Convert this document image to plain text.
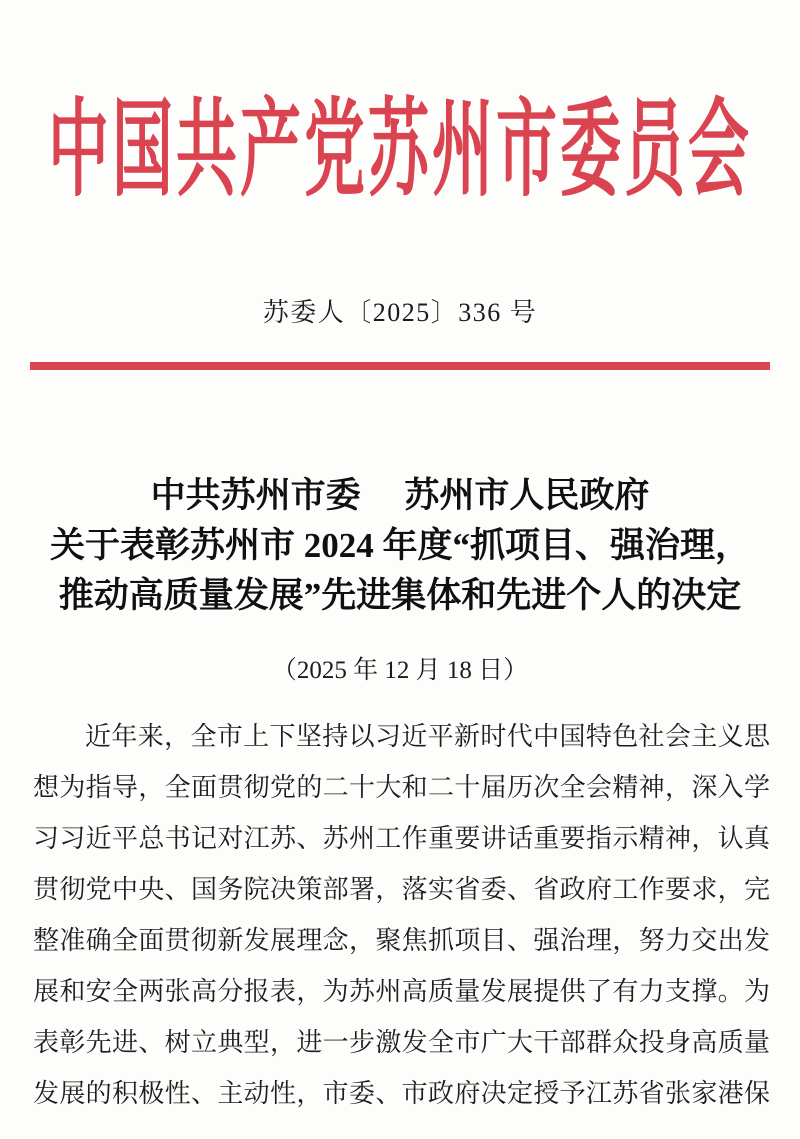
中国共产党苏州市委员会
苏委人〔2025〕336 号
中共苏州市委　 苏州市人民政府
关于表彰苏州市 2024 年度“抓项目、强治理，
推动高质量发展”先进集体和先进个人的决定
（2025 年 12 月 18 日）
近年来，全市上下坚持以习近平新时代中国特色社会主义思
想为指导，全面贯彻党的二十大和二十届历次全会精神，深入学
习习近平总书记对江苏、苏州工作重要讲话重要指示精神，认真
贯彻党中央、国务院决策部署，落实省委、省政府工作要求，完
整准确全面贯彻新发展理念，聚焦抓项目、强治理，努力交出发
展和安全两张高分报表，为苏州高质量发展提供了有力支撑。为
表彰先进、树立典型，进一步激发全市广大干部群众投身高质量
发展的积极性、主动性，市委、市政府决定授予江苏省张家港保
